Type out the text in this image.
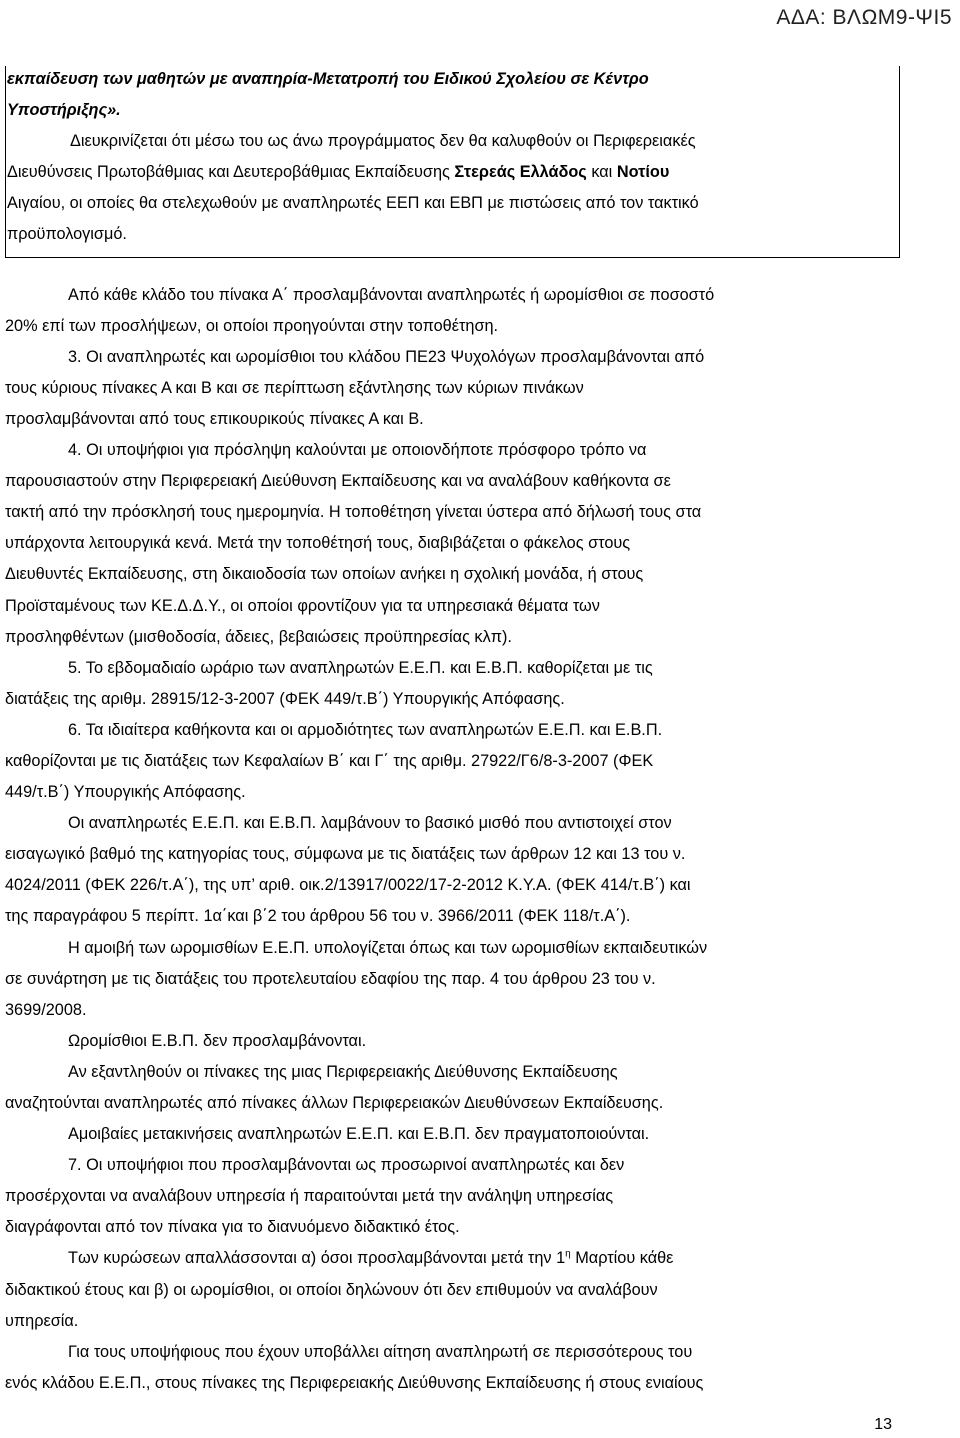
ΑΔΑ: ΒΛΩΜ9-ΨΙ5
εκπαίδευση των μαθητών με αναπηρία-Μετατροπή του Ειδικού Σχολείου σε Κέντρο
Υποστήριξης».
Διευκρινίζεται ότι μέσω του ως άνω προγράμματος δεν θα καλυφθούν οι Περιφερειακές
Διευθύνσεις Πρωτοβάθμιας και Δευτεροβάθμιας Εκπαίδευσης Στερεάς Ελλάδος και Νοτίου
Αιγαίου, οι οποίες θα στελεχωθούν με αναπληρωτές ΕΕΠ και ΕΒΠ με πιστώσεις από τον τακτικό
προϋπολογισμό.
Από κάθε κλάδο του πίνακα Α΄ προσλαμβάνονται αναπληρωτές ή ωρομίσθιοι σε ποσοστό
20% επί των προσλήψεων, οι οποίοι προηγούνται στην τοποθέτηση.
3. Οι αναπληρωτές και ωρομίσθιοι του κλάδου ΠΕ23 Ψυχολόγων προσλαμβάνονται από
τους κύριους πίνακες Α και Β και σε περίπτωση εξάντλησης των κύριων πινάκων
προσλαμβάνονται από τους επικουρικούς πίνακες Α και Β.
4. Οι υποψήφιοι για πρόσληψη καλούνται με οποιονδήποτε πρόσφορο τρόπο να
παρουσιαστούν στην Περιφερειακή Διεύθυνση Εκπαίδευσης και να αναλάβουν καθήκοντα σε
τακτή από την πρόσκλησή τους ημερομηνία. Η τοποθέτηση γίνεται ύστερα από δήλωσή τους στα
υπάρχοντα λειτουργικά κενά. Μετά την τοποθέτησή τους, διαβιβάζεται ο φάκελος στους
Διευθυντές Εκπαίδευσης, στη δικαιοδοσία των οποίων ανήκει η σχολική μονάδα, ή στους
Προϊσταμένους των ΚΕ.Δ.Δ.Υ., οι οποίοι φροντίζουν για τα υπηρεσιακά θέματα των
προσληφθέντων (μισθοδοσία, άδειες, βεβαιώσεις προϋπηρεσίας κλπ).
5. Το εβδομαδιαίο ωράριο των αναπληρωτών Ε.Ε.Π. και Ε.Β.Π. καθορίζεται με τις
διατάξεις της αριθμ. 28915/12-3-2007 (ΦΕΚ 449/τ.Β΄) Υπουργικής Απόφασης.
6. Τα ιδιαίτερα καθήκοντα και οι αρμοδιότητες των αναπληρωτών Ε.Ε.Π. και Ε.Β.Π.
καθορίζονται με τις διατάξεις των Κεφαλαίων Β΄ και Γ΄ της αριθμ. 27922/Γ6/8-3-2007 (ΦΕΚ
449/τ.Β΄) Υπουργικής Απόφασης.
Οι αναπληρωτές Ε.Ε.Π. και Ε.Β.Π. λαμβάνουν το βασικό μισθό που αντιστοιχεί στον
εισαγωγικό βαθμό της κατηγορίας τους, σύμφωνα με τις διατάξεις των άρθρων 12 και 13 του ν.
4024/2011 (ΦΕΚ 226/τ.Α΄), της υπ’ αριθ. οικ.2/13917/0022/17-2-2012 Κ.Υ.Α. (ΦΕΚ 414/τ.Β΄) και
της παραγράφου 5 περίπτ. 1α΄και β΄2 του άρθρου 56 του ν. 3966/2011 (ΦΕΚ 118/τ.Α΄).
Η αμοιβή των ωρομισθίων Ε.Ε.Π. υπολογίζεται όπως και των ωρομισθίων εκπαιδευτικών
σε συνάρτηση με τις διατάξεις του προτελευταίου εδαφίου της παρ. 4 του άρθρου 23 του ν.
3699/2008.
Ωρομίσθιοι Ε.Β.Π. δεν προσλαμβάνονται.
Αν εξαντληθούν οι πίνακες της μιας Περιφερειακής Διεύθυνσης Εκπαίδευσης
αναζητούνται αναπληρωτές από πίνακες άλλων Περιφερειακών Διευθύνσεων Εκπαίδευσης.
Αμοιβαίες μετακινήσεις αναπληρωτών Ε.Ε.Π. και Ε.Β.Π. δεν πραγματοποιούνται.
7. Οι υποψήφιοι που προσλαμβάνονται ως προσωρινοί αναπληρωτές και δεν
προσέρχονται να αναλάβουν υπηρεσία ή παραιτούνται μετά την ανάληψη υπηρεσίας
διαγράφονται από τον πίνακα για το διανυόμενο διδακτικό έτος.
Των κυρώσεων απαλλάσσονται α) όσοι προσλαμβάνονται μετά την $1^\eta$ Μαρτίου κάθε
διδακτικού έτους και β) οι ωρομίσθιοι, οι οποίοι δηλώνουν ότι δεν επιθυμούν να αναλάβουν
υπηρεσία.
Για τους υποψήφιους που έχουν υποβάλλει αίτηση αναπληρωτή σε περισσότερους του
ενός κλάδου Ε.Ε.Π., στους πίνακες της Περιφερειακής Διεύθυνσης Εκπαίδευσης ή στους ενιαίους
13
